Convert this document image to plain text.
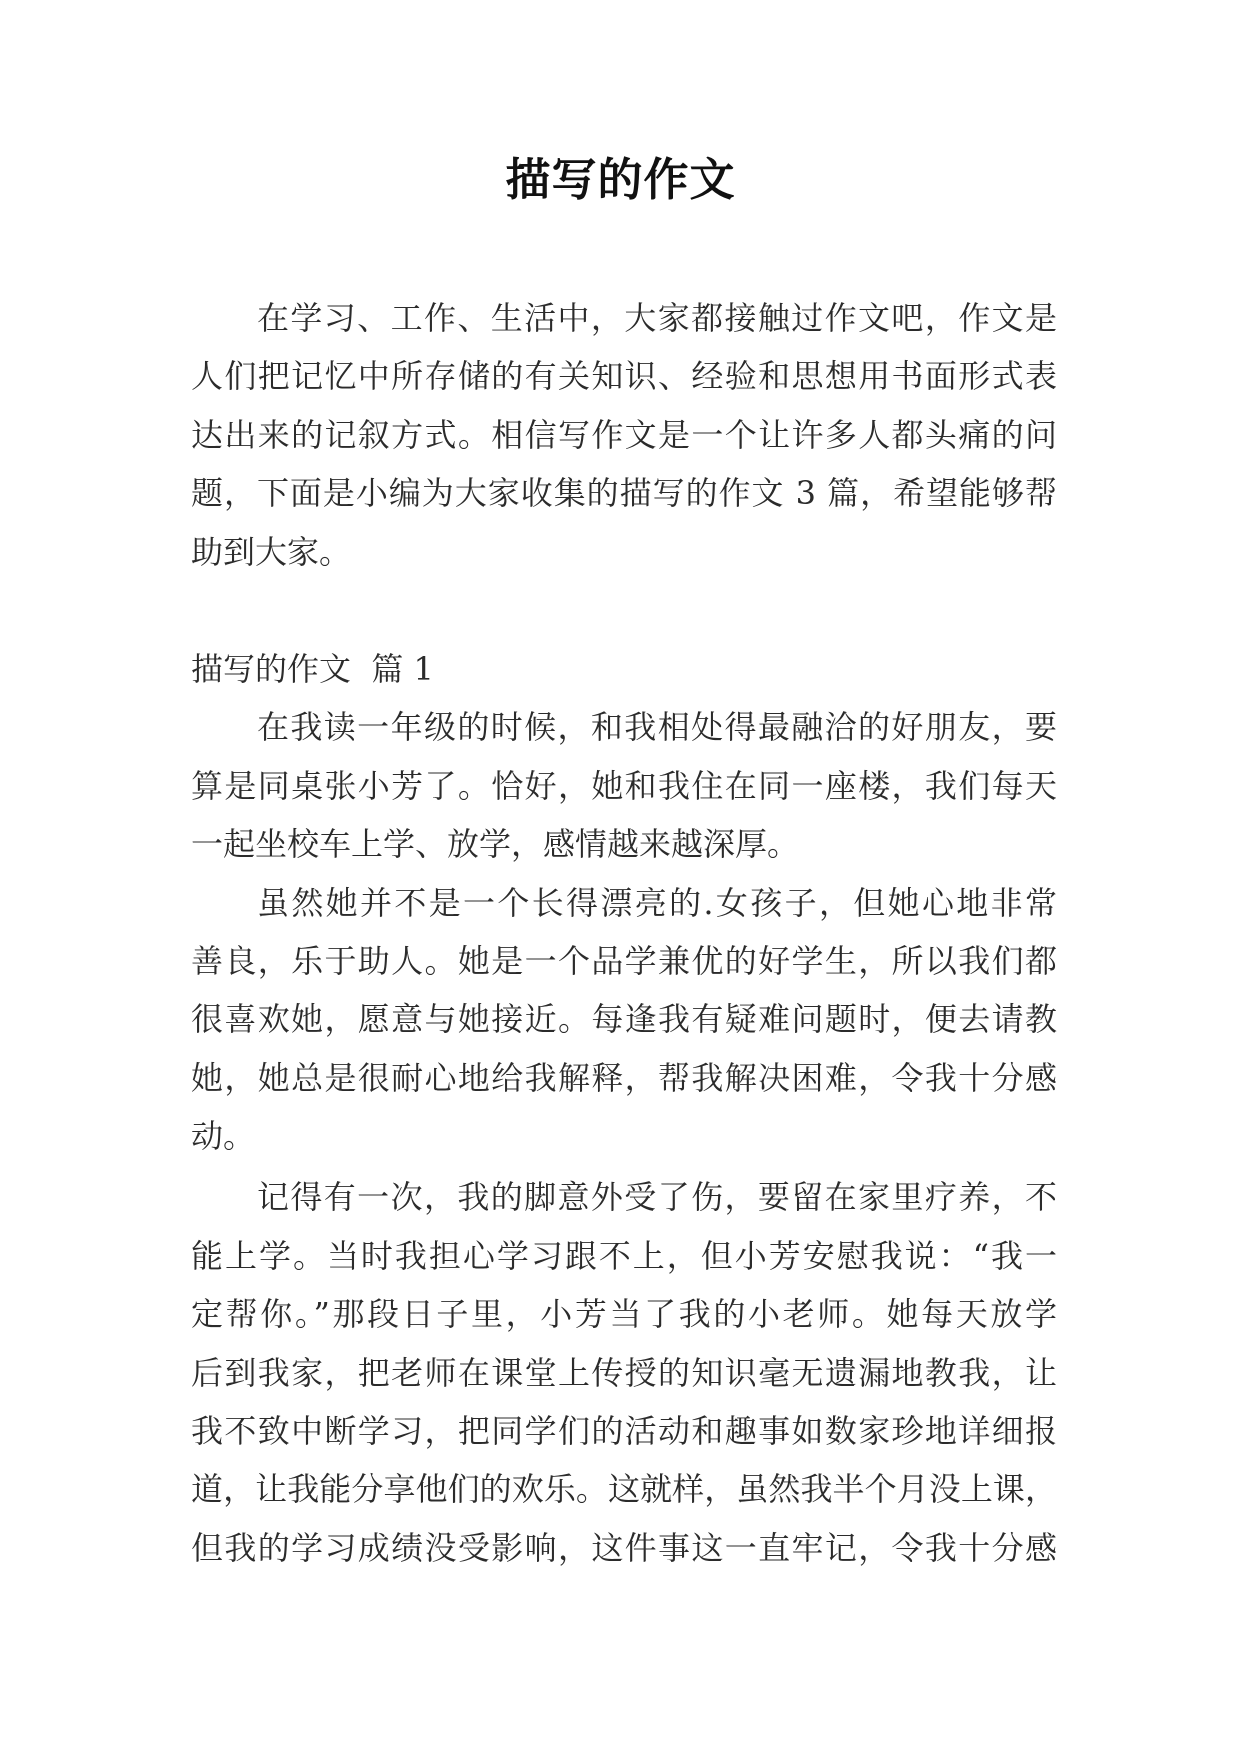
描写的作文
在学习、工作、生活中，大家都接触过作文吧，作文是
人们把记忆中所存储的有关知识、经验和思想用书面形式表
达出来的记叙方式。相信写作文是一个让许多人都头痛的问
题，下面是小编为大家收集的描写的作文 3 篇，希望能够帮
助到大家。
描写的作文  篇 1
在我读一年级的时候，和我相处得最融洽的好朋友，要
算是同桌张小芳了。恰好，她和我住在同一座楼，我们每天
一起坐校车上学、放学，感情越来越深厚。
虽然她并不是一个长得漂亮的.女孩子，但她心地非常
善良，乐于助人。她是一个品学兼优的好学生，所以我们都
很喜欢她，愿意与她接近。每逢我有疑难问题时，便去请教
她，她总是很耐心地给我解释，帮我解决困难，令我十分感
动。
记得有一次，我的脚意外受了伤，要留在家里疗养，不
能上学。当时我担心学习跟不上，但小芳安慰我说：“我一
定帮你。”那段日子里，小芳当了我的小老师。她每天放学
后到我家，把老师在课堂上传授的知识毫无遗漏地教我，让
我不致中断学习，把同学们的活动和趣事如数家珍地详细报
道，让我能分享他们的欢乐。这就样，虽然我半个月没上课，
但我的学习成绩没受影响，这件事这一直牢记，令我十分感
